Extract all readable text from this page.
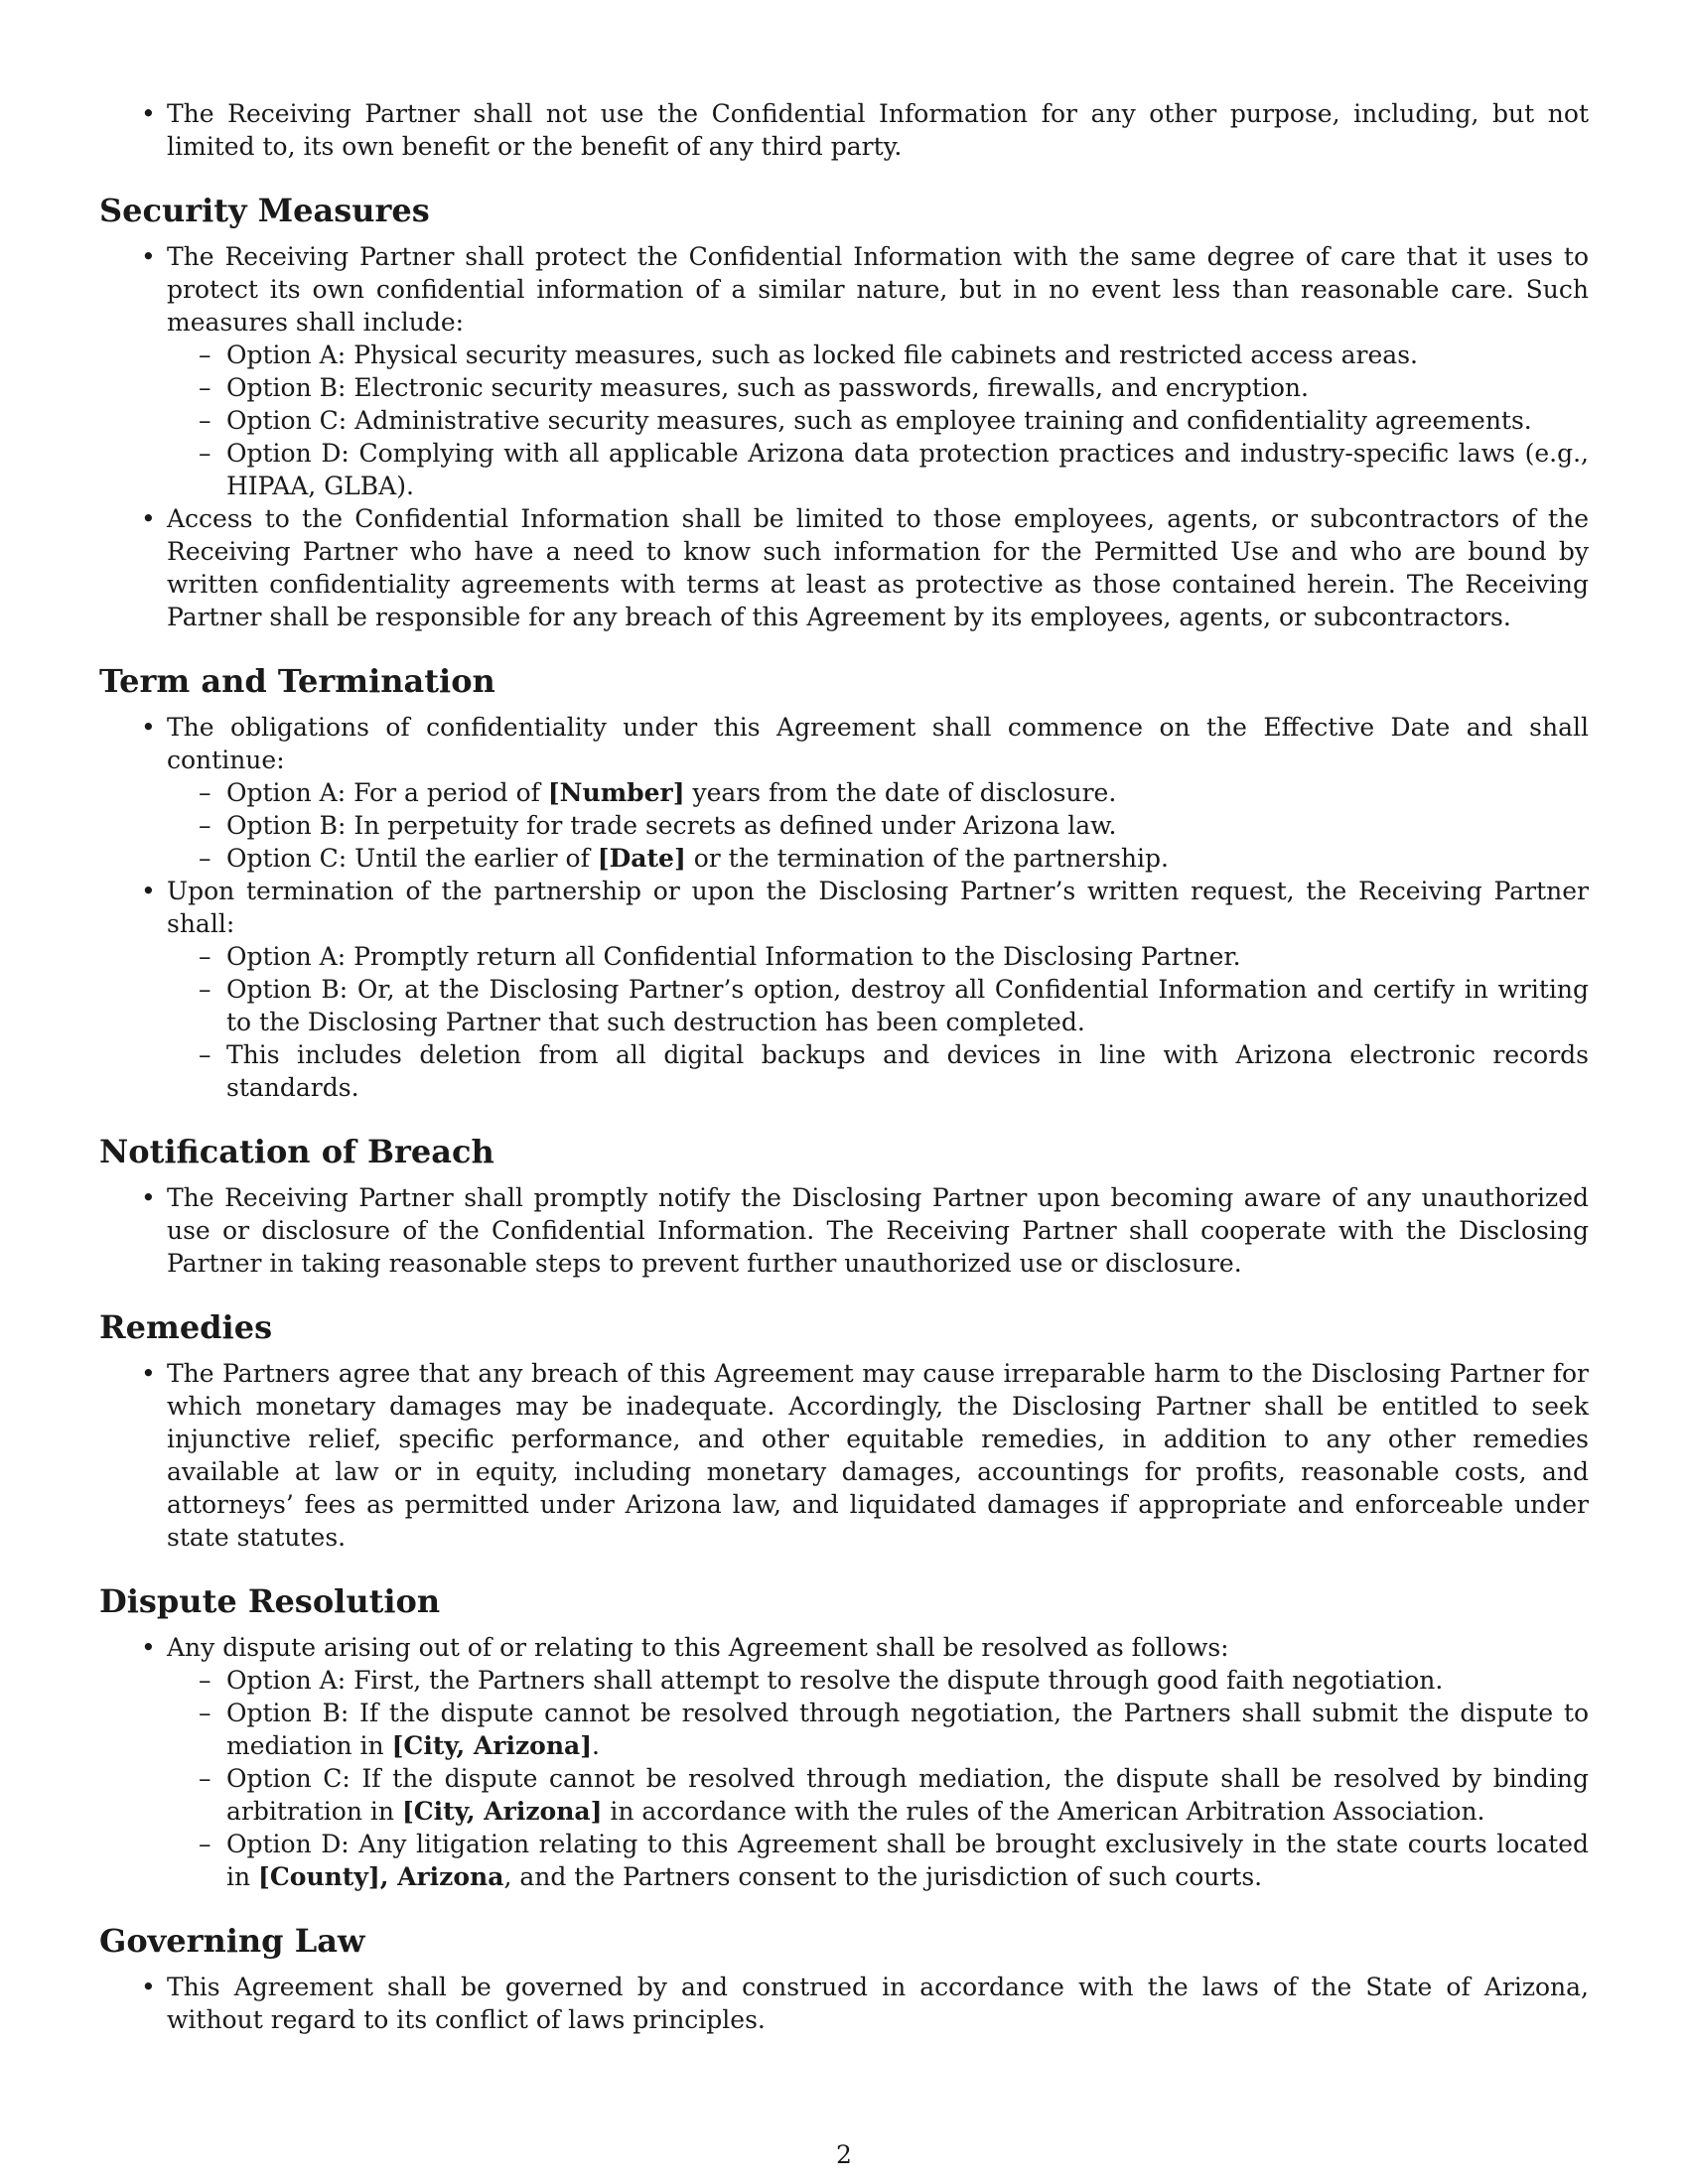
• The Receiving Partner shall not use the Confidential Information for any other purpose, including, but not limited to, its own benefit or the benefit of any third party.
Security Measures
• The Receiving Partner shall protect the Confidential Information with the same degree of care that it uses to protect its own confidential information of a similar nature, but in no event less than reasonable care. Such measures shall include:
– Option A: Physical security measures, such as locked file cabinets and restricted access areas.
– Option B: Electronic security measures, such as passwords, firewalls, and encryption.
– Option C: Administrative security measures, such as employee training and confidentiality agreements.
– Option D: Complying with all applicable Arizona data protection practices and industry-specific laws (e.g., HIPAA, GLBA).
• Access to the Confidential Information shall be limited to those employees, agents, or subcontractors of the Receiving Partner who have a need to know such information for the Permitted Use and who are bound by written confidentiality agreements with terms at least as protective as those contained herein. The Receiving Partner shall be responsible for any breach of this Agreement by its employees, agents, or subcontractors.
Term and Termination
• The obligations of confidentiality under this Agreement shall commence on the Effective Date and shall continue:
– Option A: For a period of [Number] years from the date of disclosure.
– Option B: In perpetuity for trade secrets as defined under Arizona law.
– Option C: Until the earlier of [Date] or the termination of the partnership.
• Upon termination of the partnership or upon the Disclosing Partner’s written request, the Receiving Partner shall:
– Option A: Promptly return all Confidential Information to the Disclosing Partner.
– Option B: Or, at the Disclosing Partner’s option, destroy all Confidential Information and certify in writing to the Disclosing Partner that such destruction has been completed.
– This includes deletion from all digital backups and devices in line with Arizona electronic records standards.
Notification of Breach
• The Receiving Partner shall promptly notify the Disclosing Partner upon becoming aware of any unauthorized use or disclosure of the Confidential Information. The Receiving Partner shall cooperate with the Disclosing Partner in taking reasonable steps to prevent further unauthorized use or disclosure.
Remedies
• The Partners agree that any breach of this Agreement may cause irreparable harm to the Disclosing Partner for which monetary damages may be inadequate. Accordingly, the Disclosing Partner shall be entitled to seek injunctive relief, specific performance, and other equitable remedies, in addition to any other remedies available at law or in equity, including monetary damages, accountings for profits, reasonable costs, and attorneys’ fees as permitted under Arizona law, and liquidated damages if appropriate and enforceable under state statutes.
Dispute Resolution
• Any dispute arising out of or relating to this Agreement shall be resolved as follows:
– Option A: First, the Partners shall attempt to resolve the dispute through good faith negotiation.
– Option B: If the dispute cannot be resolved through negotiation, the Partners shall submit the dispute to mediation in [City, Arizona].
– Option C: If the dispute cannot be resolved through mediation, the dispute shall be resolved by binding arbitration in [City, Arizona] in accordance with the rules of the American Arbitration Association.
– Option D: Any litigation relating to this Agreement shall be brought exclusively in the state courts located in [County], Arizona, and the Partners consent to the jurisdiction of such courts.
Governing Law
• This Agreement shall be governed by and construed in accordance with the laws of the State of Arizona, without regard to its conflict of laws principles.
2
